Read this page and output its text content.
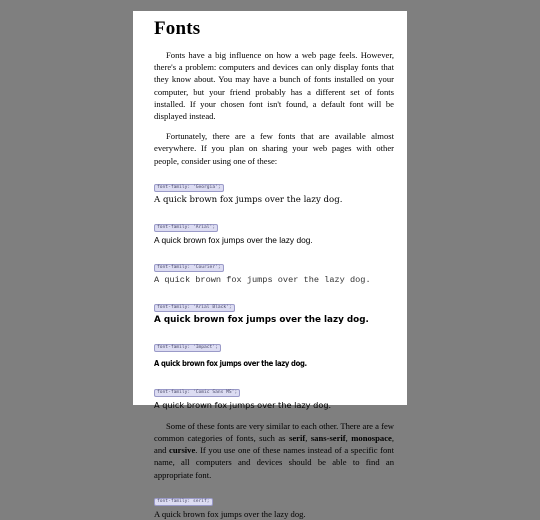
Fonts

Fonts have a big influence on how a web page feels. However, there's a problem: computers and devices can only display fonts that they know about. You may have a bunch of fonts installed on your computer, but your friend probably has a different set of fonts installed. If your chosen font isn't found, a default font will be displayed instead.

Fortunately, there are a few fonts that are available almost everywhere. If you plan on sharing your web pages with other people, consider using one of these:

font-family: 'Georgia';
A quick brown fox jumps over the lazy dog.
font-family: 'Arial';
A quick brown fox jumps over the lazy dog.
font-family: 'Courier';
A quick brown fox jumps over the lazy dog.
font-family: 'Arial Black';
A quick brown fox jumps over the lazy dog.
font-family: 'Impact';
A quick brown fox jumps over the lazy dog.
font-family: 'Comic Sans MS';
A quick brown fox jumps over the lazy dog.

Some of these fonts are very similar to each other. There are a few common categories of fonts, such as serif, sans-serif, monospace, and cursive. If you use one of these names instead of a specific font name, all computers and devices should be able to find an appropriate font.

font-family: serif;
A quick brown fox jumps over the lazy dog.
